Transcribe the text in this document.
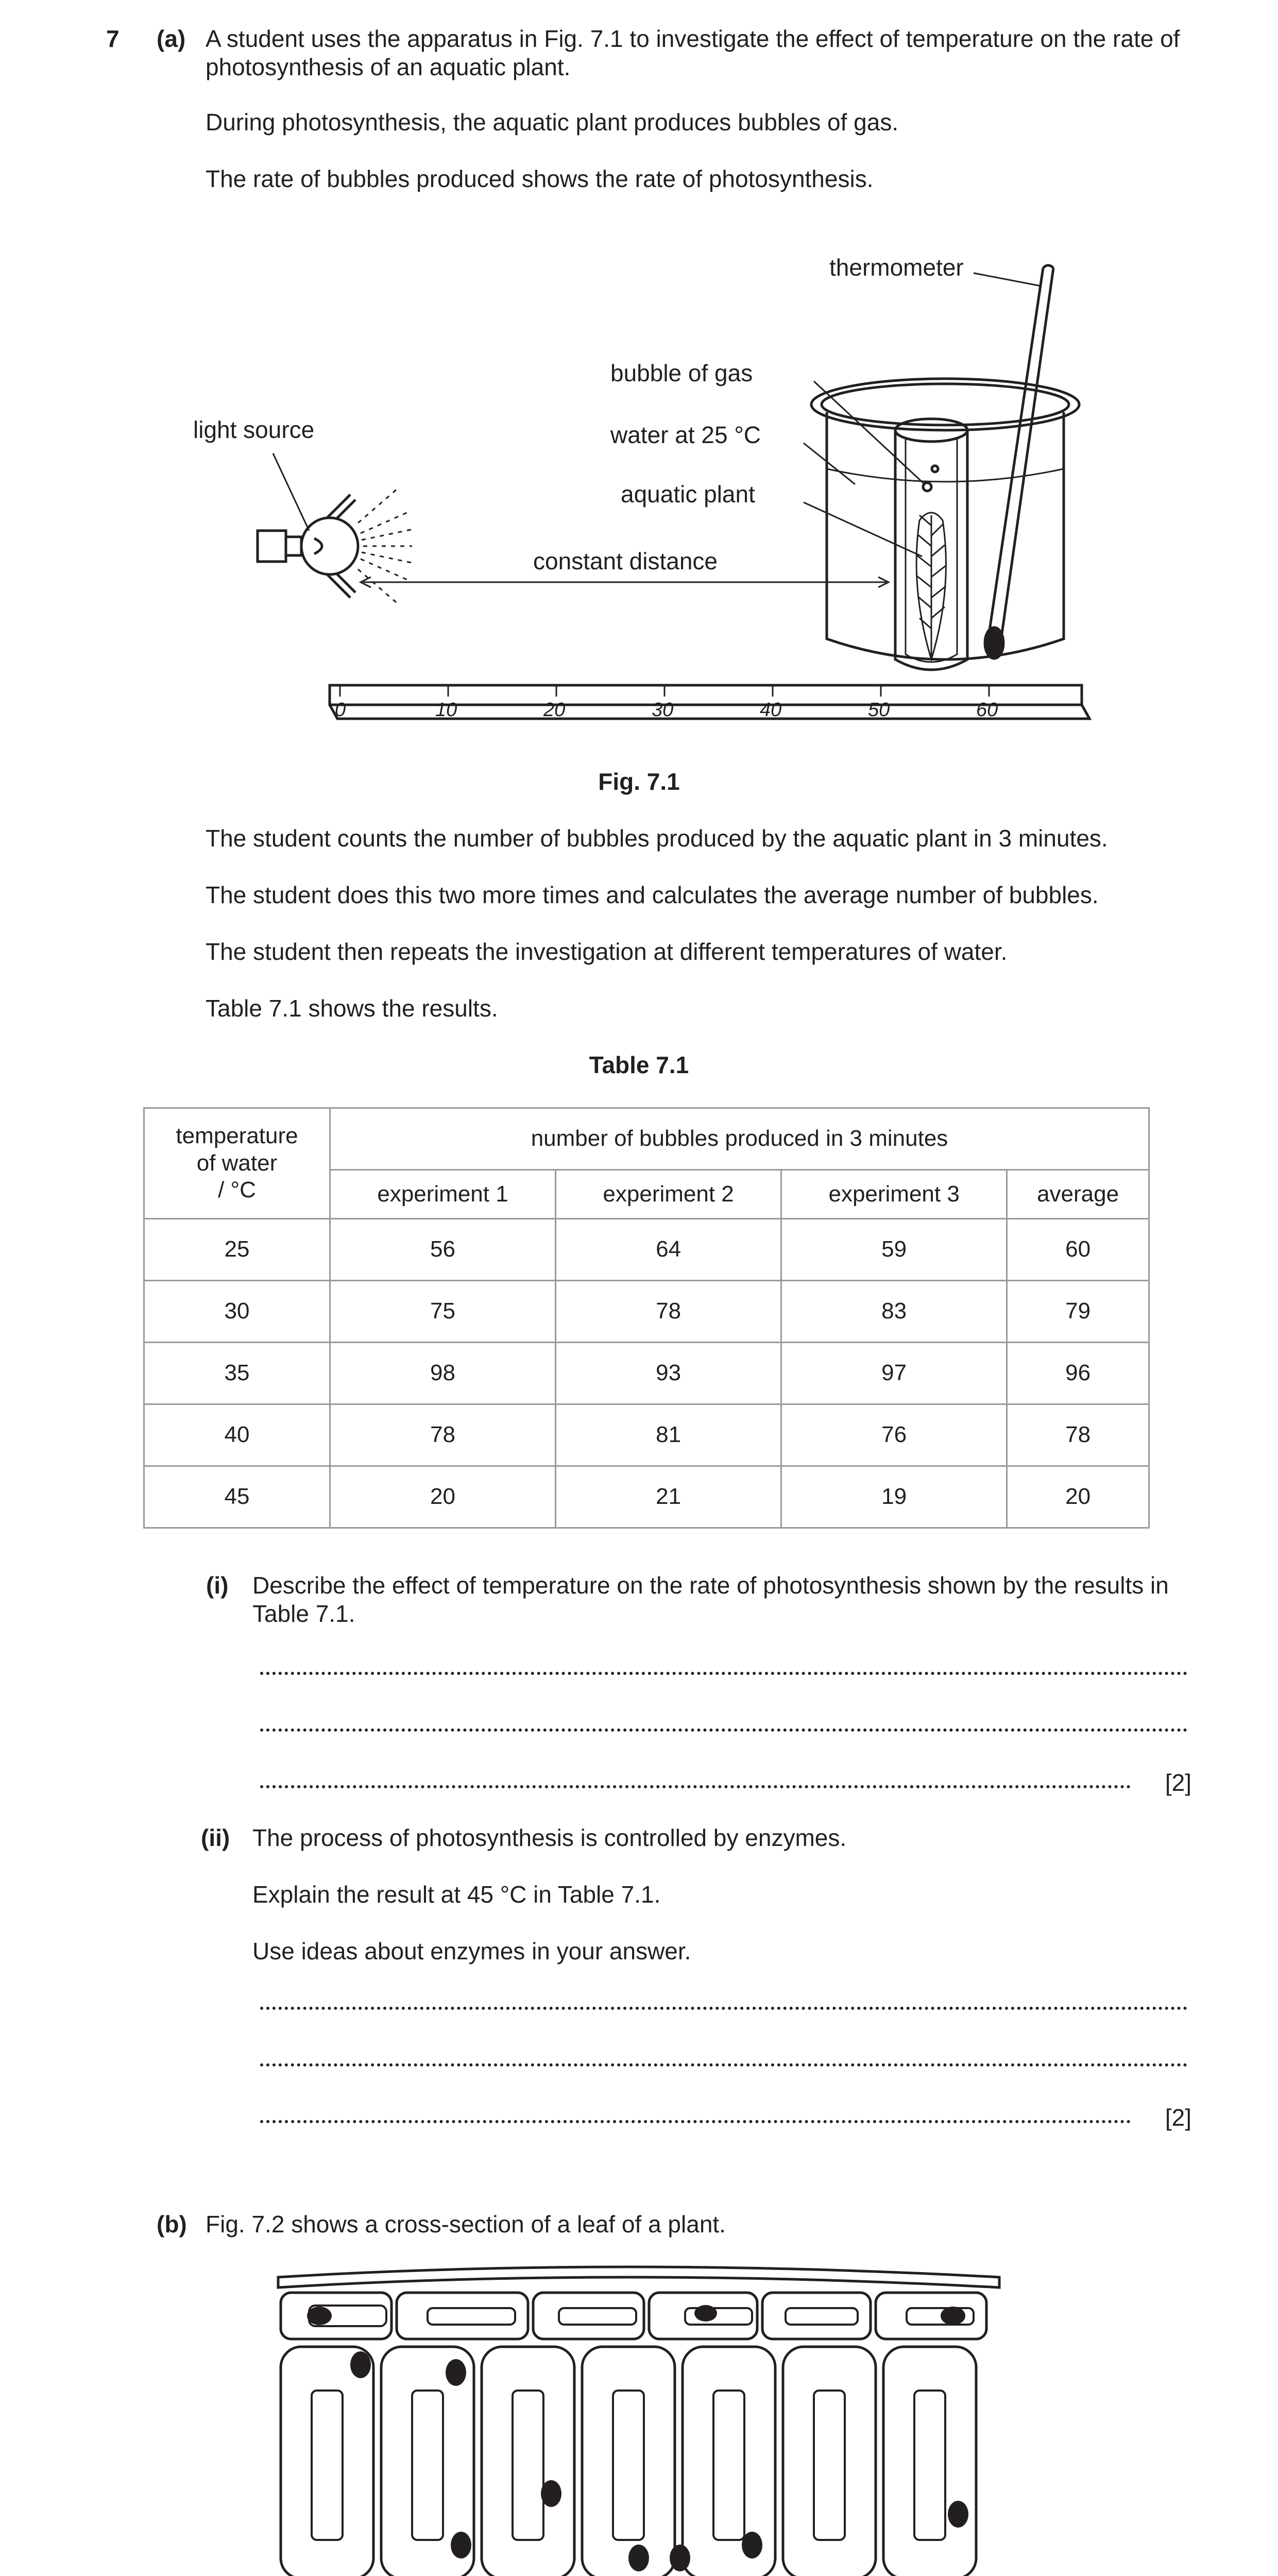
7 (a) A student uses the apparatus in Fig. 7.1 to investigate the effect of temperature on the rate of photosynthesis of an aquatic plant.
During photosynthesis, the aquatic plant produces bubbles of gas.
The rate of bubbles produced shows the rate of photosynthesis.
0	10	20	30	40	50	60
thermometer
bubble of gas
water at 25 °C
aquatic plant
constant distance
light source
Fig. 7.1
The student counts the number of bubbles produced by the aquatic plant in 3 minutes.
The student does this two more times and calculates the average number of bubbles.
The student then repeats the investigation at different temperatures of water.
Table 7.1 shows the results.
Table 7.1
temperature
of water
/ °C	number of bubbles produced in 3 minutes			
	experiment 1	experiment 2	experiment 3	average
25	56	64	59	60
30	75	78	83	79
35	98	93	97	96
40	78	81	76	78
45	20	21	19	20
(i) Describe the effect of temperature on the rate of photosynthesis shown by the results in Table 7.1.
[2]
(ii) The process of photosynthesis is controlled by enzymes.
Explain the result at 45 °C in Table 7.1.
Use ideas about enzymes in your answer.
[2]
(b) Fig. 7.2 shows a cross-section of a leaf of a plant.
